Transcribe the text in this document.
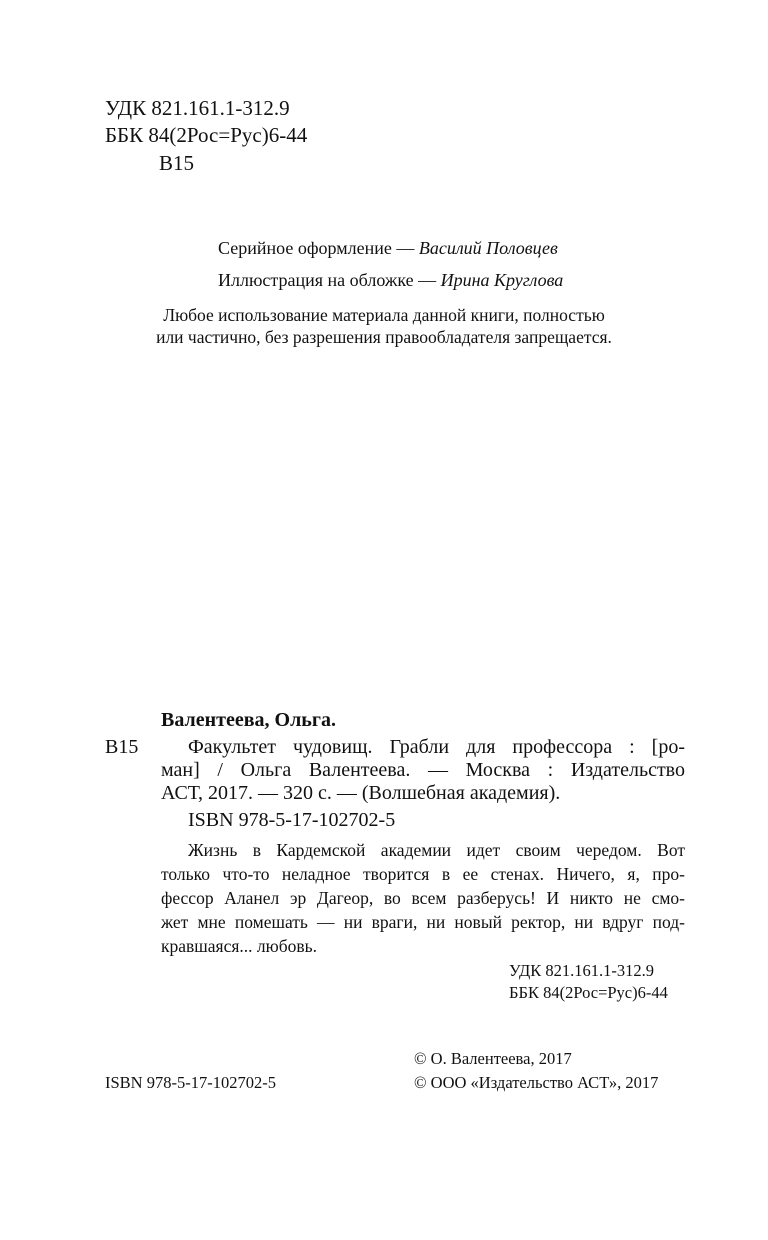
УДК 821.161.1-312.9
ББК 84(2Рос=Рус)6-44
В15
Серийное оформление — Василий Половцев
Иллюстрация на обложке — Ирина Круглова
Любое использование материала данной книги, полностью
или частично, без разрешения правообладателя запрещается.
Валентеева, Ольга.
В15 Факультет чудовищ. Грабли для профессора : [ро-
ман] / Ольга Валентеева. — Москва : Издательство
АСТ, 2017. — 320 с. — (Волшебная академия).
ISBN 978-5-17-102702-5
Жизнь в Кардемской академии идет своим чередом. Вот
только что-то неладное творится в ее стенах. Ничего, я, про-
фессор Аланел эр Дагеор, во всем разберусь! И никто не смо-
жет мне помешать — ни враги, ни новый ректор, ни вдруг под-
кравшаяся... любовь.
УДК 821.161.1-312.9
ББК 84(2Рос=Рус)6-44
© О. Валентеева, 2017
ISBN 978-5-17-102702-5	© ООО «Издательство АСТ», 2017
